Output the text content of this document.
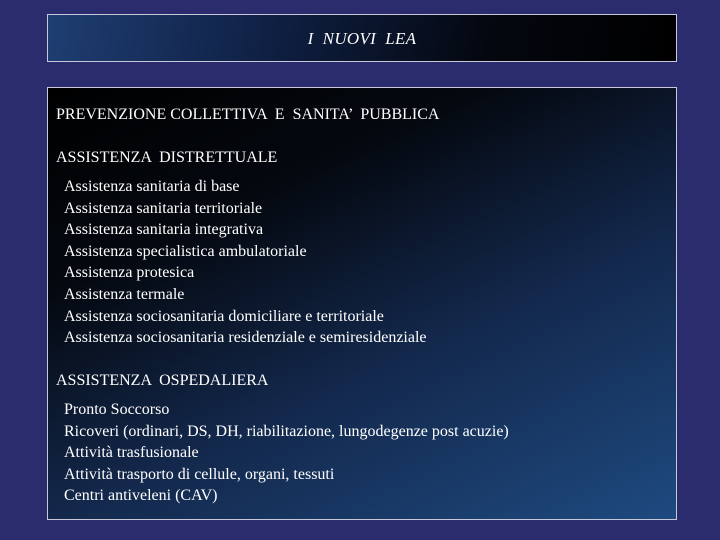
I  NUOVI  LEA
PREVENZIONE COLLETTIVA  E  SANITA’  PUBBLICA
ASSISTENZA  DISTRETTUALE
Assistenza sanitaria di base
Assistenza sanitaria territoriale
Assistenza sanitaria integrativa
Assistenza specialistica ambulatoriale
Assistenza protesica
Assistenza termale
Assistenza sociosanitaria domiciliare e territoriale
Assistenza sociosanitaria residenziale e semiresidenziale
ASSISTENZA  OSPEDALIERA
Pronto Soccorso
Ricoveri (ordinari, DS, DH, riabilitazione, lungodegenze post acuzie)
Attività trasfusionale
Attività trasporto di cellule, organi, tessuti
Centri antiveleni (CAV)
